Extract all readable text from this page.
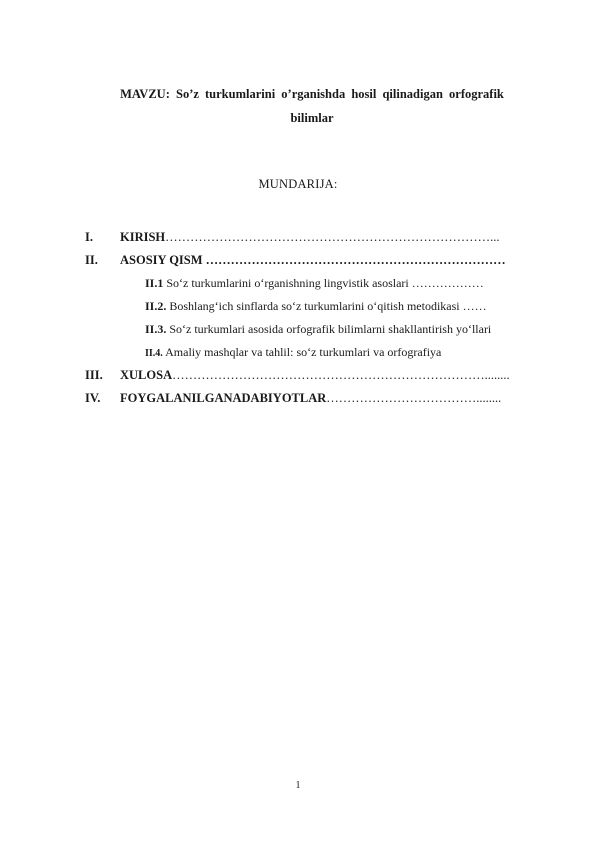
MAVZU: So’z turkumlarini o’rganishda hosil qilinadigan orfografik
bilimlar
MUNDARIJA:
I. KIRISH……………………………………………………………………...
II. ASOSIY QISM ………………………………………………………………
II.1 So‘z turkumlarini o‘rganishning lingvistik asoslari ………………
II.2. Boshlang‘ich sinflarda so‘z turkumlarini o‘qitish metodikasi ……
II.3. So‘z turkumlari asosida orfografik bilimlarni shakllantirish yo‘llari
II.4. Amaliy mashqlar va tahlil: so‘z turkumlari va orfografiya
III. XULOSA…………………………………………………………………........
IV. FOYGALANILGANADABIYOTLAR………………………………........
1
